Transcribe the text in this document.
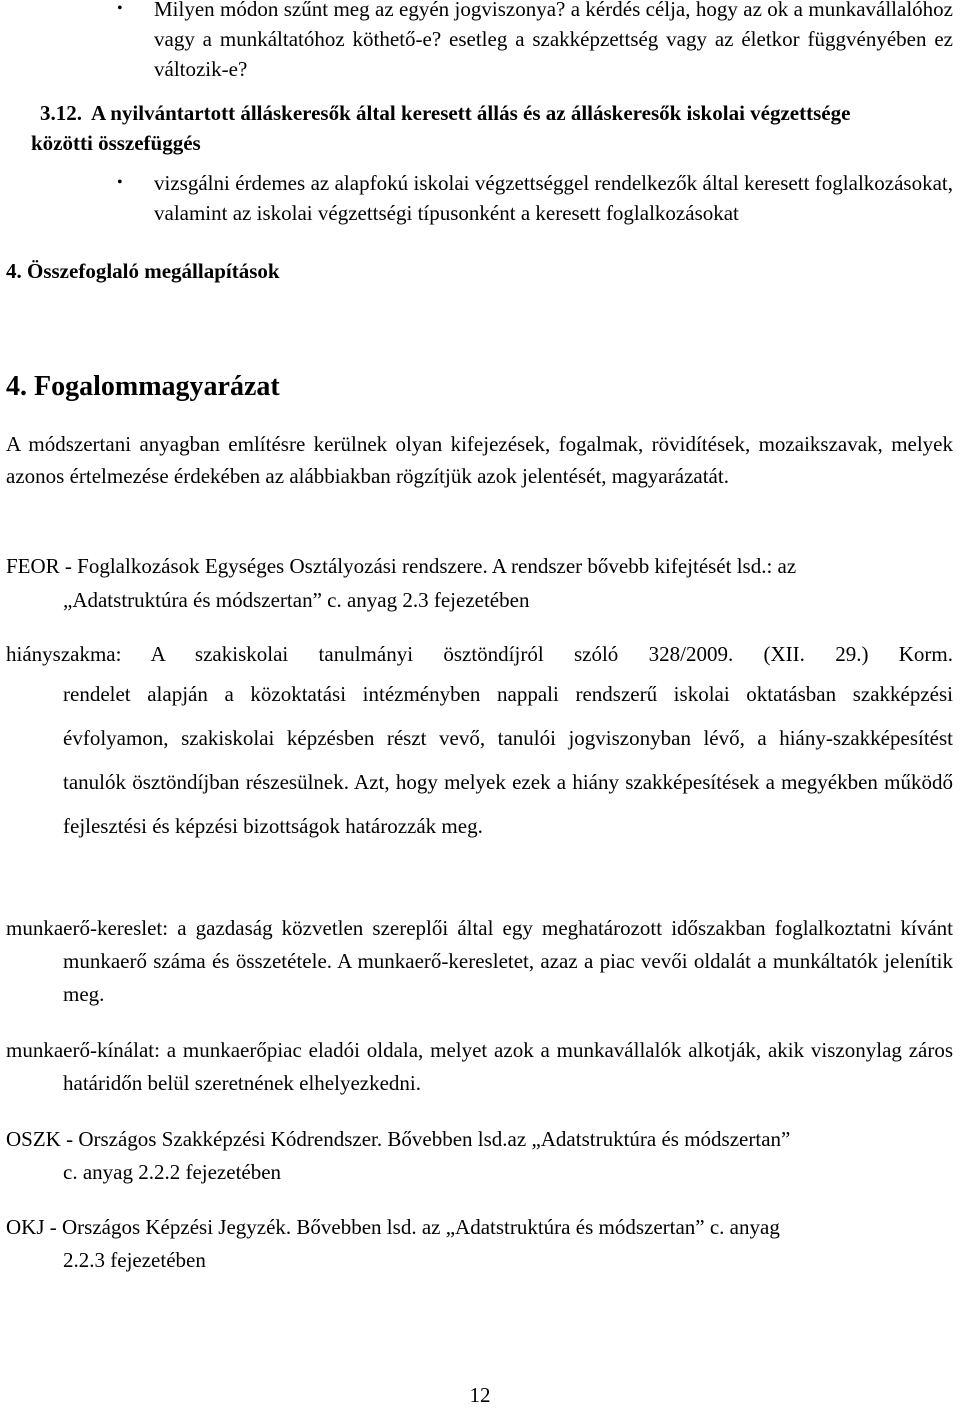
• Milyen módon szűnt meg az egyén jogviszonya? a kérdés célja, hogy az ok a munkavállalóhoz vagy a munkáltatóhoz köthető-e? esetleg a szakképzettség vagy az életkor függvényében ez változik-e?

3.12. A nyilvántartott álláskeresők által keresett állás és az álláskeresők iskolai végzettsége közötti összefüggés
• vizsgálni érdemes az alapfokú iskolai végzettséggel rendelkezők által keresett foglalkozásokat, valamint az iskolai végzettségi típusonként a keresett foglalkozásokat

4. Összefoglaló megállapítások
4. Fogalommagyarázat

A módszertani anyagban említésre kerülnek olyan kifejezések, fogalmak, rövidítések, mozaikszavak, melyek azonos értelmezése érdekében az alábbiakban rögzítjük azok jelentését, magyarázatát.

FEOR - Foglalkozások Egységes Osztályozási rendszere. A rendszer bővebb kifejtését lsd.: az
„Adatstruktúra és módszertan” c. anyag 2.3 fejezetében
hiányszakma: A szakiskolai tanulmányi ösztöndíjról szóló 328/2009. (XII. 29.) Korm.

rendelet alapján a közoktatási intézményben nappali rendszerű iskolai oktatásban szakképzési évfolyamon, szakiskolai képzésben részt vevő, tanulói jogviszonyban lévő, a hiány-szakképesítést tanulók ösztöndíjban részesülnek. Azt, hogy melyek ezek a hiány szakképesítések a megyékben működő fejlesztési és képzési bizottságok határozzák meg.

munkaerő-kereslet: a gazdaság közvetlen szereplői által egy meghatározott időszakban foglalkoztatni kívánt munkaerő száma és összetétele. A munkaerő-keresletet, azaz a piac vevői oldalát a munkáltatók jelenítik meg.

munkaerő-kínálat: a munkaerőpiac eladói oldala, melyet azok a munkavállalók alkotják, akik viszonylag záros határidőn belül szeretnének elhelyezkedni.

OSZK - Országos Szakképzési Kódrendszer. Bővebben lsd.az „Adatstruktúra és módszertan”
c. anyag 2.2.2 fejezetében
OKJ - Országos Képzési Jegyzék. Bővebben lsd. az „Adatstruktúra és módszertan” c. anyag
2.2.3 fejezetében
12
